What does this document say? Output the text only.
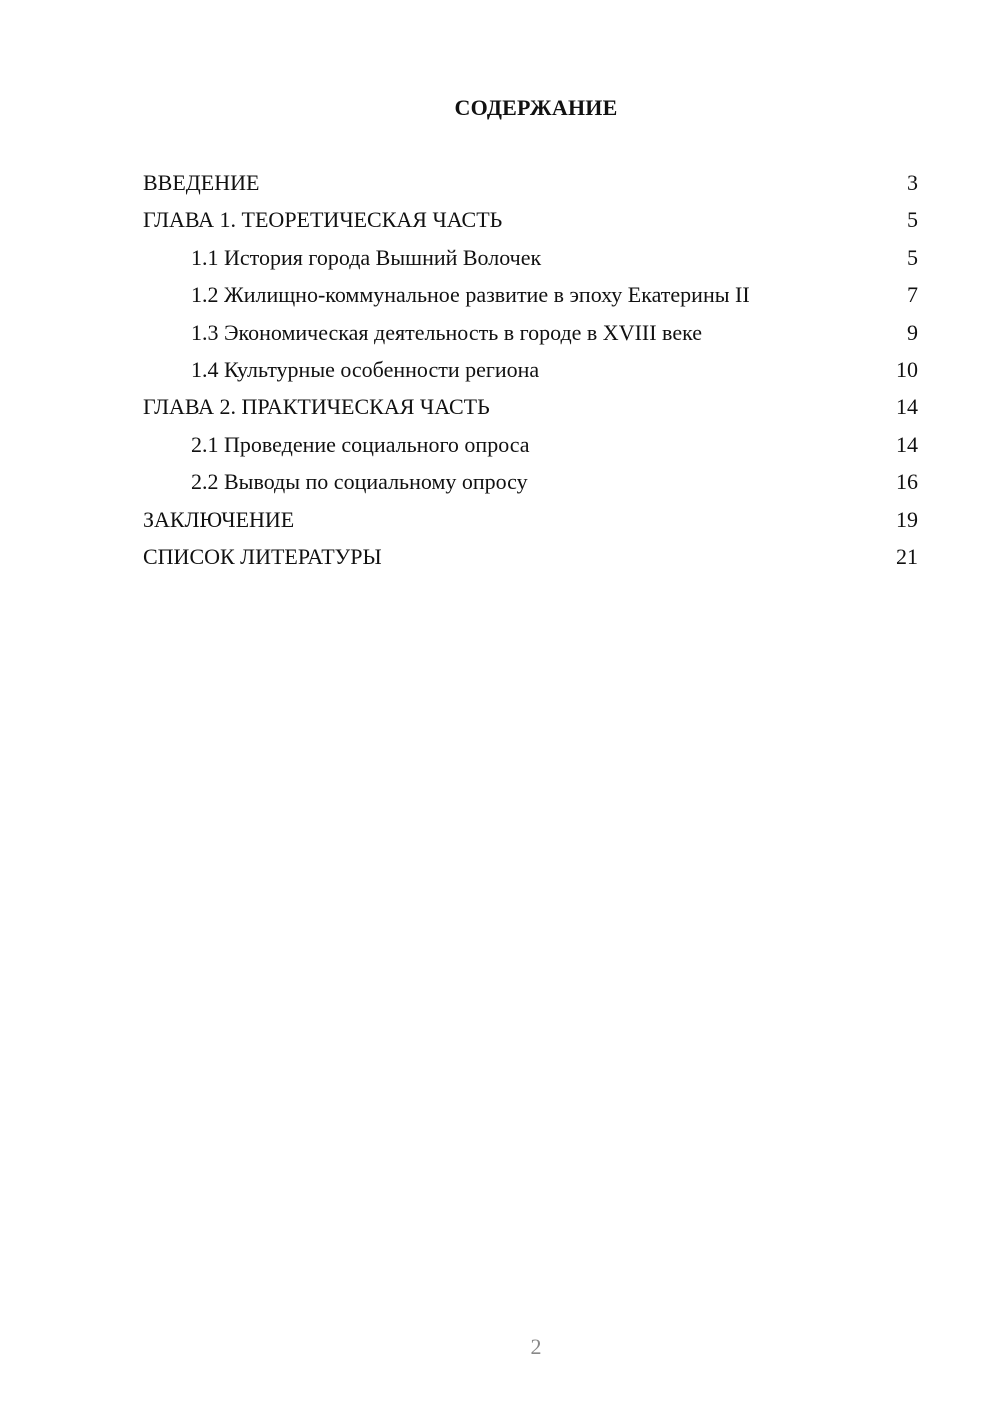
СОДЕРЖАНИЕ
ВВЕДЕНИЕ	3
ГЛАВА 1. ТЕОРЕТИЧЕСКАЯ ЧАСТЬ	5
1.1 История города Вышний Волочек	5
1.2 Жилищно-коммунальное развитие в эпоху Екатерины II	7
1.3 Экономическая деятельность в городе в XVIII веке	9
1.4 Культурные особенности региона	10
ГЛАВА 2. ПРАКТИЧЕСКАЯ ЧАСТЬ	14
2.1 Проведение социального опроса	14
2.2 Выводы по социальному опросу	16
ЗАКЛЮЧЕНИЕ	19
СПИСОК ЛИТЕРАТУРЫ	21
2
